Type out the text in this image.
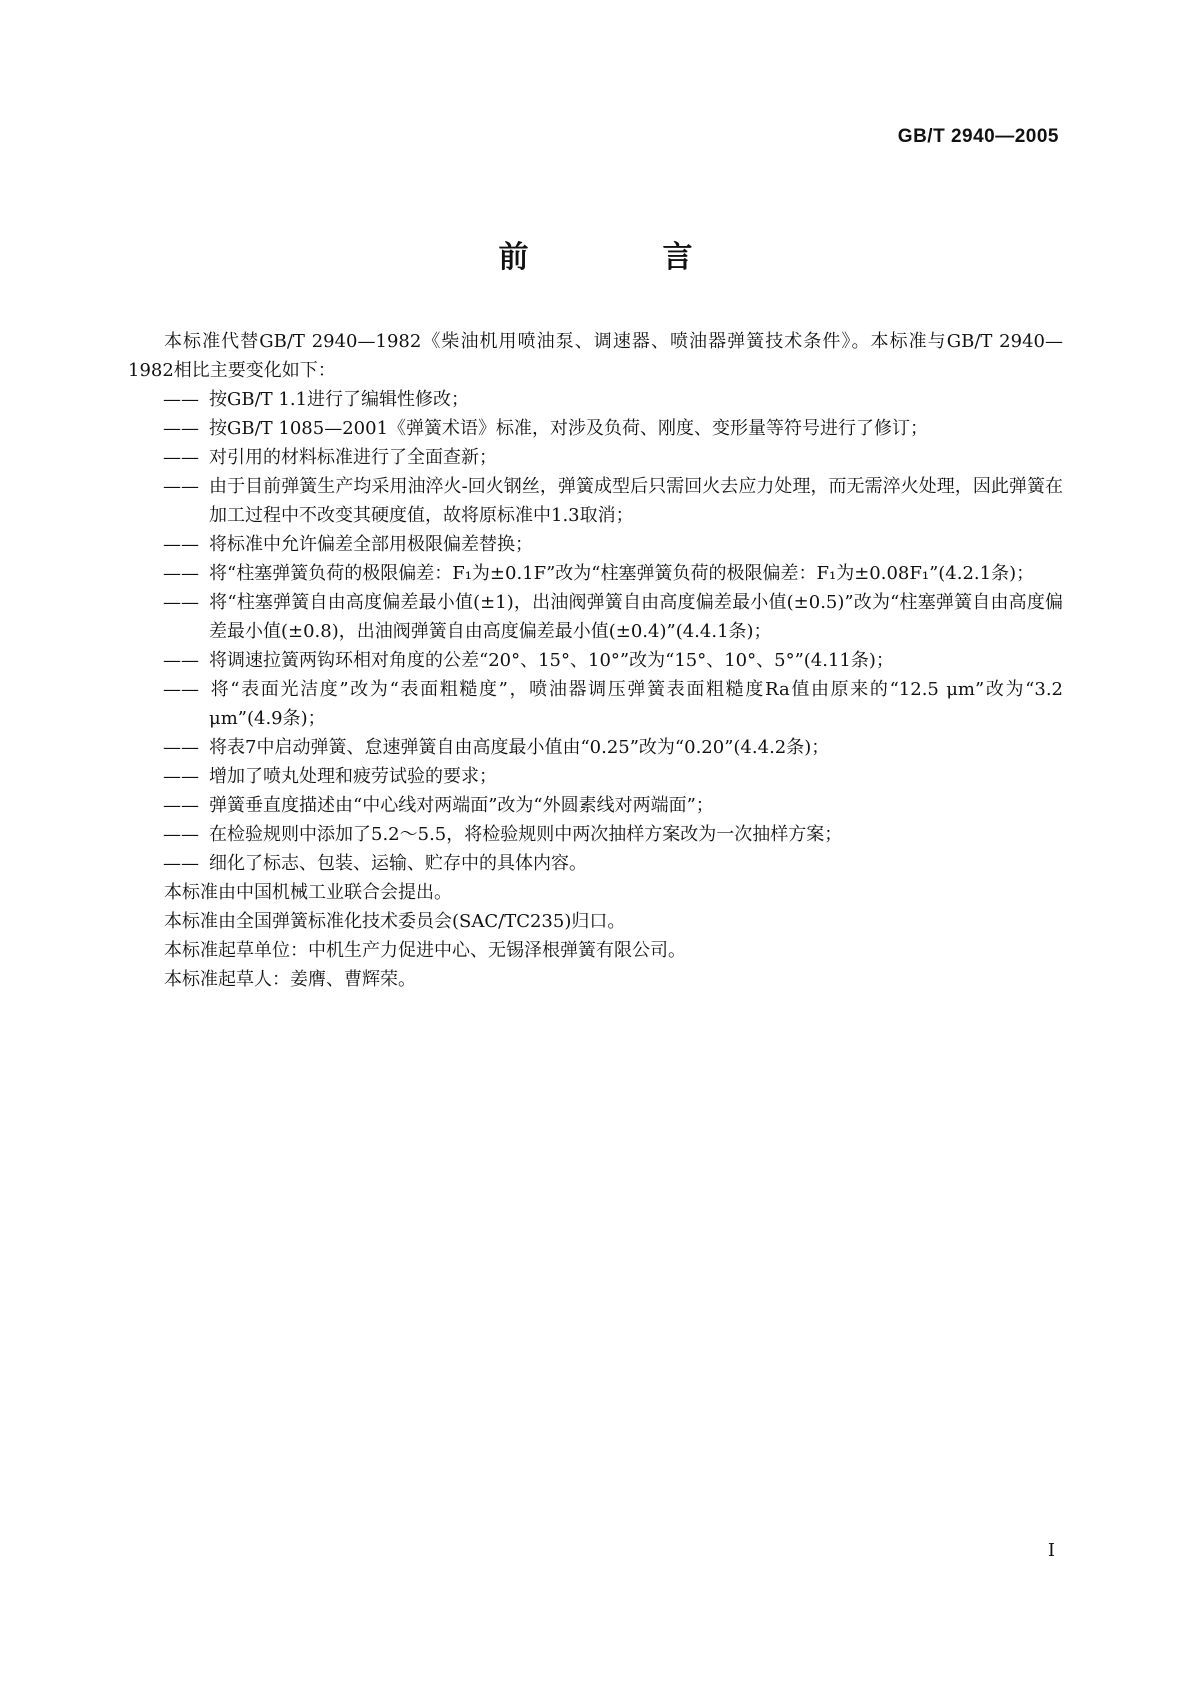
GB/T 2940—2005
前　言

本标准代替GB/T 2940—1982《柴油机用喷油泵、调速器、喷油器弹簧技术条件》。本标准与GB/T 2940—1982相比主要变化如下：

—— 按GB/T 1.1进行了编辑性修改；

—— 按GB/T 1085—2001《弹簧术语》标准，对涉及负荷、刚度、变形量等符号进行了修订；

—— 对引用的材料标准进行了全面查新；

—— 由于目前弹簧生产均采用油淬火-回火钢丝，弹簧成型后只需回火去应力处理，而无需淬火处理，因此弹簧在加工过程中不改变其硬度值，故将原标准中1.3取消；

—— 将标准中允许偏差全部用极限偏差替换；

—— 将“柱塞弹簧负荷的极限偏差：F₁为±0.1F”改为“柱塞弹簧负荷的极限偏差：F₁为±0.08F₁”(4.2.1条)；

—— 将“柱塞弹簧自由高度偏差最小值(±1)，出油阀弹簧自由高度偏差最小值(±0.5)”改为“柱塞弹簧自由高度偏差最小值(±0.8)，出油阀弹簧自由高度偏差最小值(±0.4)”(4.4.1条)；

—— 将调速拉簧两钩环相对角度的公差“20°、15°、10°”改为“15°、10°、5°”(4.11条)；

—— 将“表面光洁度”改为“表面粗糙度”，喷油器调压弹簧表面粗糙度Ra值由原来的“12.5 μm”改为“3.2 μm”(4.9条)；

—— 将表7中启动弹簧、怠速弹簧自由高度最小值由“0.25”改为“0.20”(4.4.2条)；

—— 增加了喷丸处理和疲劳试验的要求；

—— 弹簧垂直度描述由“中心线对两端面”改为“外圆素线对两端面”；

—— 在检验规则中添加了5.2～5.5，将检验规则中两次抽样方案改为一次抽样方案；

—— 细化了标志、包装、运输、贮存中的具体内容。

本标准由中国机械工业联合会提出。

本标准由全国弹簧标准化技术委员会(SAC/TC235)归口。

本标准起草单位：中机生产力促进中心、无锡泽根弹簧有限公司。

本标准起草人：姜膺、曹辉荣。

I
